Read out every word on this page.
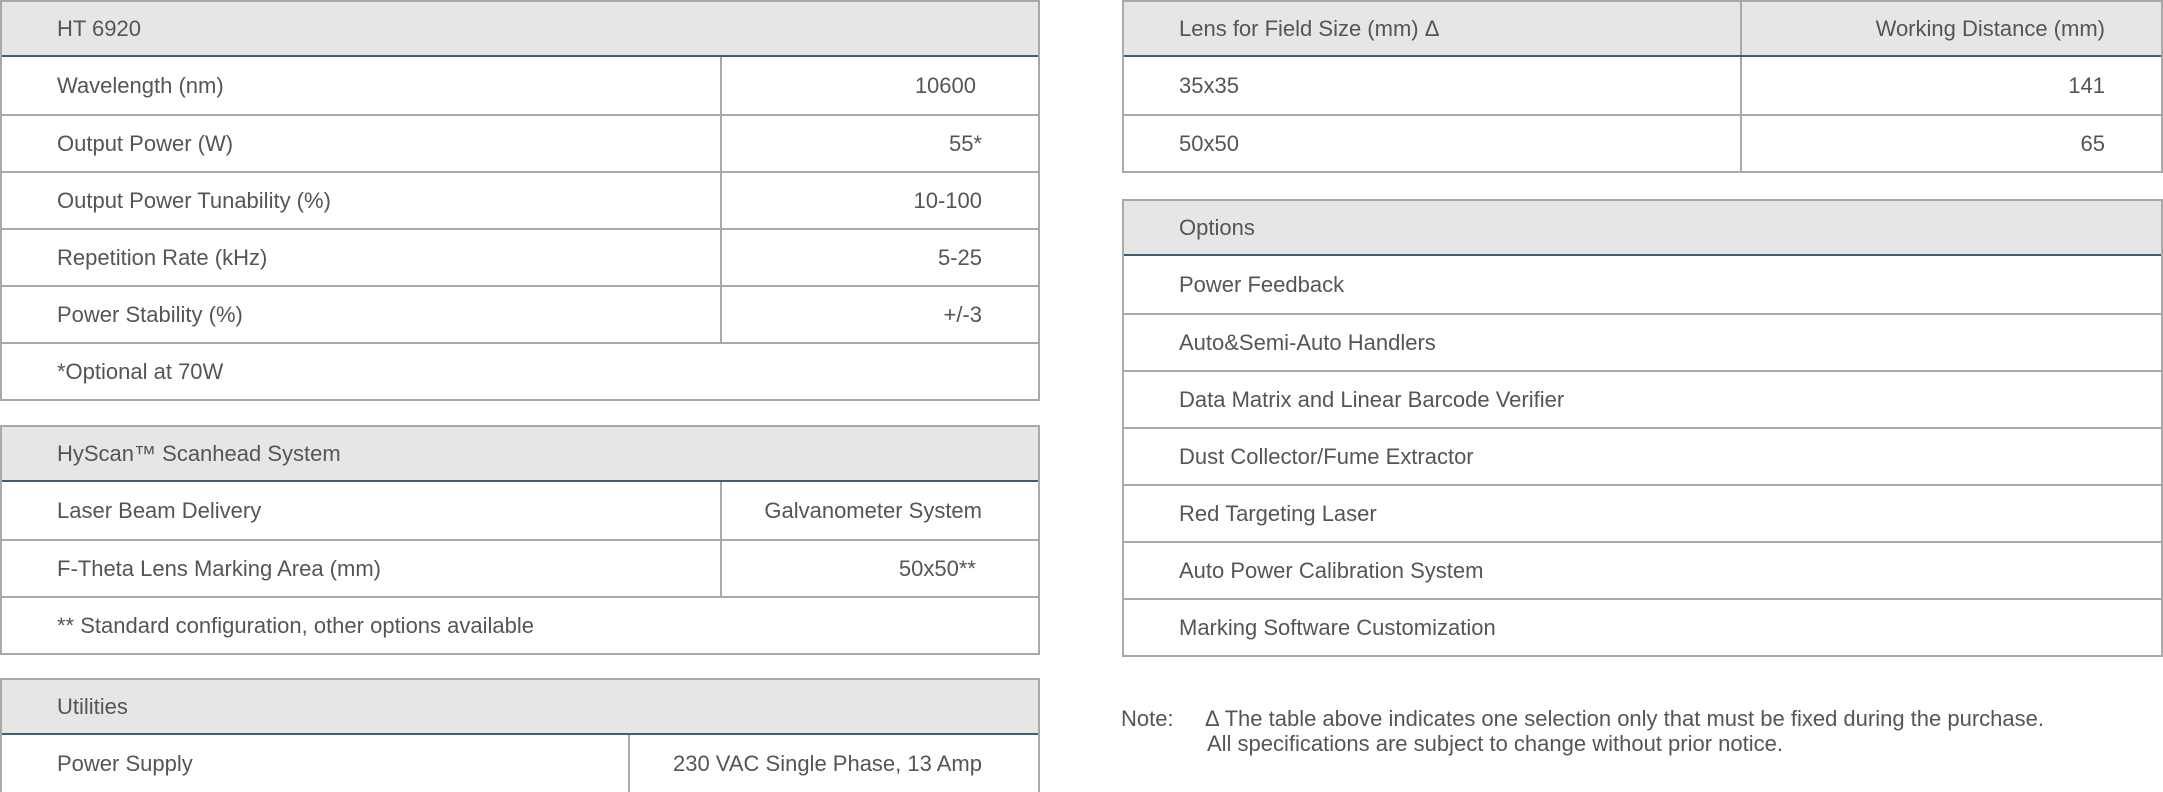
HT 6920
Wavelength (nm)	10600
Output Power (W)	55*
Output Power Tunability (%)	10-100
Repetition Rate (kHz)	5-25
Power Stability (%)	+/-3
*Optional at 70W
HyScan™ Scanhead System
Laser Beam Delivery	Galvanometer System
F-Theta Lens Marking Area (mm)	50x50**
** Standard configuration, other options available
Utilities
Power Supply	230 VAC Single Phase, 13 Amp
Lens for Field Size (mm) Δ	Working Distance (mm)
35x35	141
50x50	65
Options
Power Feedback
Auto&Semi-Auto Handlers
Data Matrix and Linear Barcode Verifier
Dust Collector/Fume Extractor
Red Targeting Laser
Auto Power Calibration System
Marking Software Customization
Note:	Δ The table above indicates one selection only that must be fixed during the purchase.
All specifications are subject to change without prior notice.
